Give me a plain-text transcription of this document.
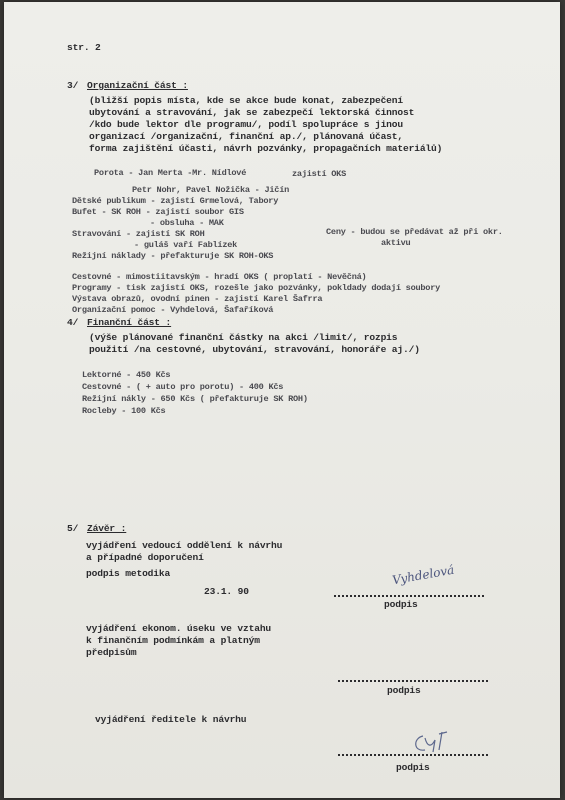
str. 2
3/ Organizační část :
(bližší popis místa, kde se akce bude konat, zabezpečení
ubytování a stravování, jak se zabezpečí lektorská činnost
/kdo bude lektor dle programu/, podíl spolupráce s jinou
organizací /organizační, finanční ap./, plánovaná účast,
forma zajištění účasti, návrh pozvánky, propagačních materiálů)
Porota - Jan Merta -Mr. Nídlové	zajistí OKS
Petr Nohr, Pavel Nožička - Jičín
Dětské publikum - zajistí Grmelová, Tabory
Bufet - SK ROH - zajistí soubor GIS
- obsluha - MAK
Stravování - zajistí SK ROH
- guláš vaří Fablízek
Režijní náklady - přefakturuje SK ROH-OKS
Ceny - budou se předávat až při okr.
aktivu
Cestovné - mimostiitavským - hradí OKS ( proplatí - Nevěčná)
Programy - tisk zajistí OKS, rozešle jako pozvánky, pokldady dodají soubory
Výstava obrazů, ovodní pinen - zajistí Karel Šafrra
Organizační pomoc - Vyhdelová, Šafaříková
4/ Finanční část :
(výše plánované finanční částky na akci /limit/, rozpis
použití /na cestovné, ubytování, stravování, honoráře aj./)
Lektorné - 450 Kčs
Cestovné - ( + auto pro porotu) - 400 Kčs
Režijní nákly - 650 Kčs ( přefakturuje SK ROH)
Rocleby - 100 Kčs
5/ Závěr :
vyjádření vedoucí oddělení k návrhu
a případné doporučení
podpis metodika
23.1. 90
Vyhdelová
podpis
vyjádření ekonom. úseku ve vztahu
k finančním podmínkám a platným
předpisům
podpis
vyjádření ředitele k návrhu
podpis
